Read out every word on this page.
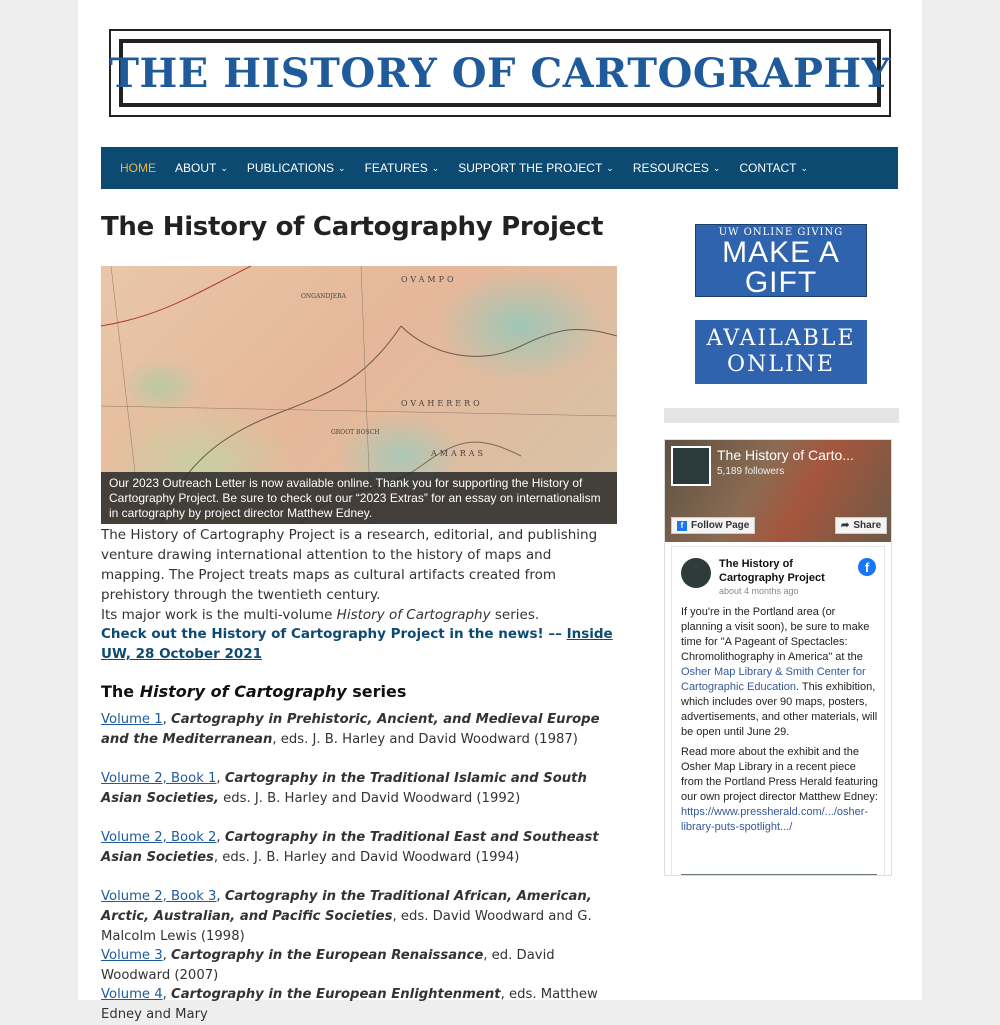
THE HISTORY OF CARTOGRAPHY
HOME ABOUT ⌄ PUBLICATIONS ⌄ FEATURES ⌄ SUPPORT THE PROJECT ⌄ RESOURCES ⌄ CONTACT ⌄
The History of Cartography Project
OVAMPO
OVAHERERO
AMARAS
GROOT BOSCH
ONGANDJERA
Our 2023 Outreach Letter is now available online. Thank you for supporting the History of Cartography Project. Be sure to check out our “2023 Extras” for an essay on internationalism in cartography by project director Matthew Edney.
The History of Cartography Project is a research, editorial, and publishing venture drawing international attention to the history of maps and mapping. The Project treats maps as cultural artifacts created from prehistory through the twentieth century.
Its major work is the multi-volume History of Cartography series.
Check out the History of Cartography Project in the news! –– Inside UW, 28 October 2021
The History of Cartography series
Volume 1, Cartography in Prehistoric, Ancient, and Medieval Europe and the Mediterranean, eds. J. B. Harley and David Woodward (1987)
Volume 2, Book 1, Cartography in the Traditional Islamic and South Asian Societies, eds. J. B. Harley and David Woodward (1992)
Volume 2, Book 2, Cartography in the Traditional East and Southeast Asian Societies, eds. J. B. Harley and David Woodward (1994)
Volume 2, Book 3, Cartography in the Traditional African, American, Arctic, Australian, and Pacific Societies, eds. David Woodward and G. Malcolm Lewis (1998)
Volume 3, Cartography in the European Renaissance, ed. David Woodward (2007)
Volume 4, Cartography in the European Enlightenment, eds. Matthew Edney and Mary
UW ONLINE GIVING
MAKE A GIFT
to the History of Cartography
AVAILABLE
ONLINE
The History of Carto...
5,189 followers
f Follow Page	➦ Share
The History of Cartography Project
about 4 months ago
f

If you're in the Portland area (or planning a visit soon), be sure to make time for "A Pageant of Spectacles: Chromolithography in America" at the Osher Map Library & Smith Center for Cartographic Education. This exhibition, which includes over 90 maps, posters, advertisements, and other materials, will be open until June 29.

Read more about the exhibit and the Osher Map Library in a recent piece from the Portland Press Herald featuring our own project director Matthew Edney: https://www.pressherald.com/.../osher-library-puts-spotlight.../
